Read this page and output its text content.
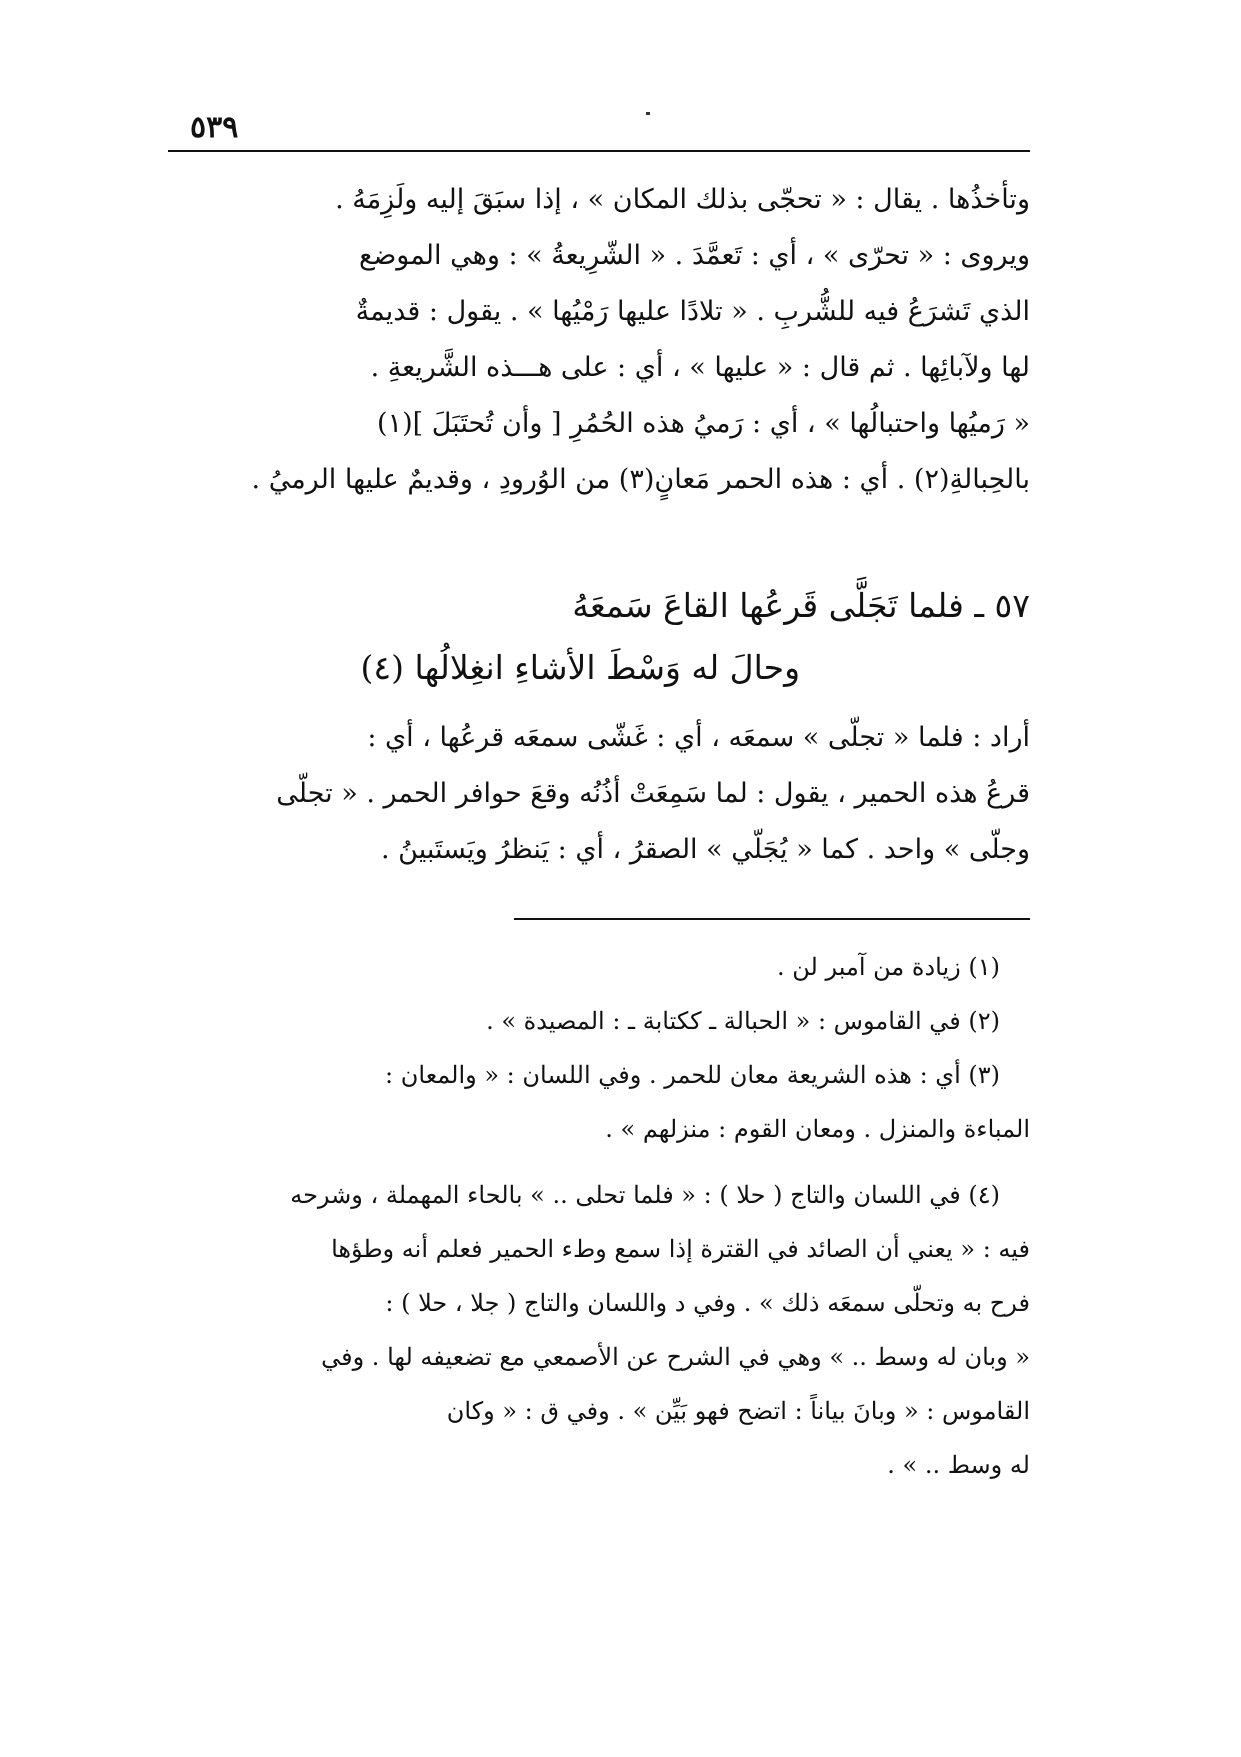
٥٣٩
وتأخذُها . يقال : « تحجّى بذلك المكان » ، إذا سبَقَ إليه ولَزِمَهُ .
ويروى : « تحرّى » ، أي : تَعمَّدَ . « الشّرِيعةُ » : وهي الموضع
الذي تَشرَعُ فيه للشُّربِ . « تلادًا عليها رَمْيُها » . يقول : قديمةٌ
لها ولآبائِها . ثم قال : « عليها » ، أي : على هـــذه الشَّريعةِ .
« رَميُها واحتبالُها » ، أي : رَميُ هذه الحُمُرِ [ وأن تُحتَبَلَ ](١)
بالحِبالةِ(٢) . أي : هذه الحمر مَعانٍ(٣) من الوُرودِ ، وقديمٌ عليها الرميُ .
٥٧ ـ فلما تَجَلَّى قَرعُها القاعَ سَمعَهُ
وحالَ له وَسْطَ الأشاءِ انغِلالُها (٤)
أراد : فلما « تجلّى » سمعَه ، أي : غَشّى سمعَه قرعُها ، أي :
قرعُ هذه الحمير ، يقول : لما سَمِعَتْ أذُنُه وقعَ حوافر الحمر . « تجلّى
وجلّى » واحد . كما « يُجَلّي » الصقرُ ، أي : يَنظرُ ويَستَبينُ .
(١) زيادة من آمبر لن .
(٢) في القاموس : « الحبالة ـ ككتابة ـ : المصيدة » .
(٣) أي : هذه الشريعة معان للحمر . وفي اللسان : « والمعان :
المباءة والمنزل . ومعان القوم : منزلهم » .
(٤) في اللسان والتاج ( حلا ) : « فلما تحلى .. » بالحاء المهملة ، وشرحه
فيه : « يعني أن الصائد في القترة إذا سمع وطء الحمير فعلم أنه وطؤها
فرح به وتحلّى سمعَه ذلك » . وفي د واللسان والتاج ( جلا ، حلا ) :
« وبان له وسط .. » وهي في الشرح عن الأصمعي مع تضعيفه لها . وفي
القاموس : « وبانَ بياناً : اتضح فهو بَيِّن » . وفي ق : « وكان
له وسط .. » .
